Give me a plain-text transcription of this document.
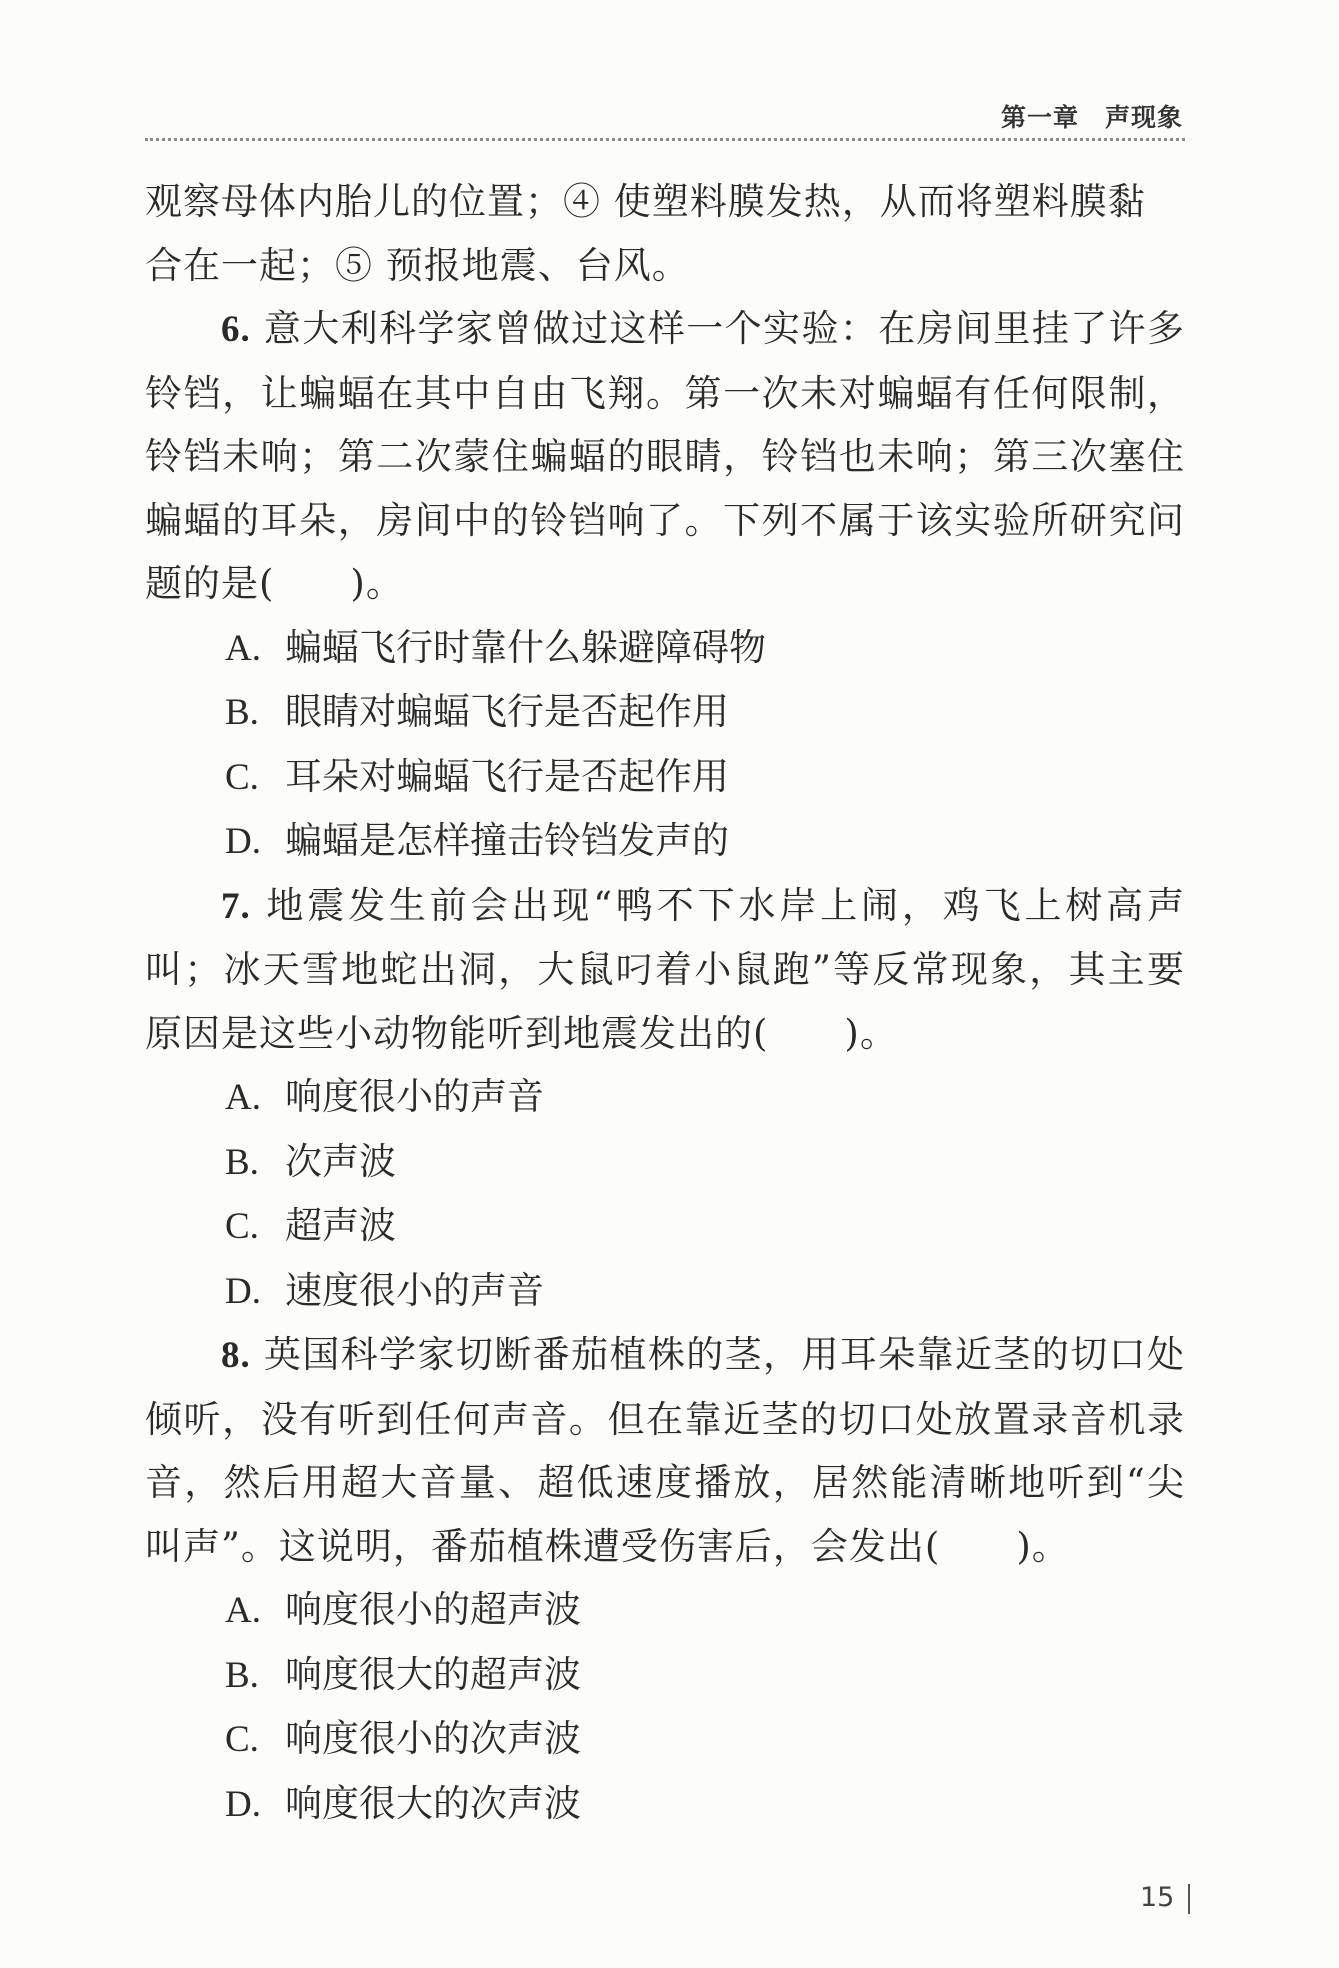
第一章 声现象

观察母体内胎儿的位置；④ 使塑料膜发热，从而将塑料膜黏

合在一起；⑤ 预报地震、台风。

6. 意大利科学家曾做过这样一个实验：在房间里挂了许多铃铛，让蝙蝠在其中自由飞翔。第一次未对蝙蝠有任何限制，铃铛未响；第二次蒙住蝙蝠的眼睛，铃铛也未响；第三次塞住蝙蝠的耳朵，房间中的铃铛响了。下列不属于该实验所研究问题的是(　　)。

A. 蝙蝠飞行时靠什么躲避障碍物
B. 眼睛对蝙蝠飞行是否起作用
C. 耳朵对蝙蝠飞行是否起作用
D. 蝙蝠是怎样撞击铃铛发声的

7. 地震发生前会出现“鸭不下水岸上闹，鸡飞上树高声叫；冰天雪地蛇出洞，大鼠叼着小鼠跑”等反常现象，其主要原因是这些小动物能听到地震发出的(　　)。

A. 响度很小的声音
B. 次声波
C. 超声波
D. 速度很小的声音

8. 英国科学家切断番茄植株的茎，用耳朵靠近茎的切口处倾听，没有听到任何声音。但在靠近茎的切口处放置录音机录音，然后用超大音量、超低速度播放，居然能清晰地听到“尖叫声”。这说明，番茄植株遭受伤害后，会发出(　　)。

A. 响度很小的超声波
B. 响度很大的超声波
C. 响度很小的次声波
D. 响度很大的次声波
15
